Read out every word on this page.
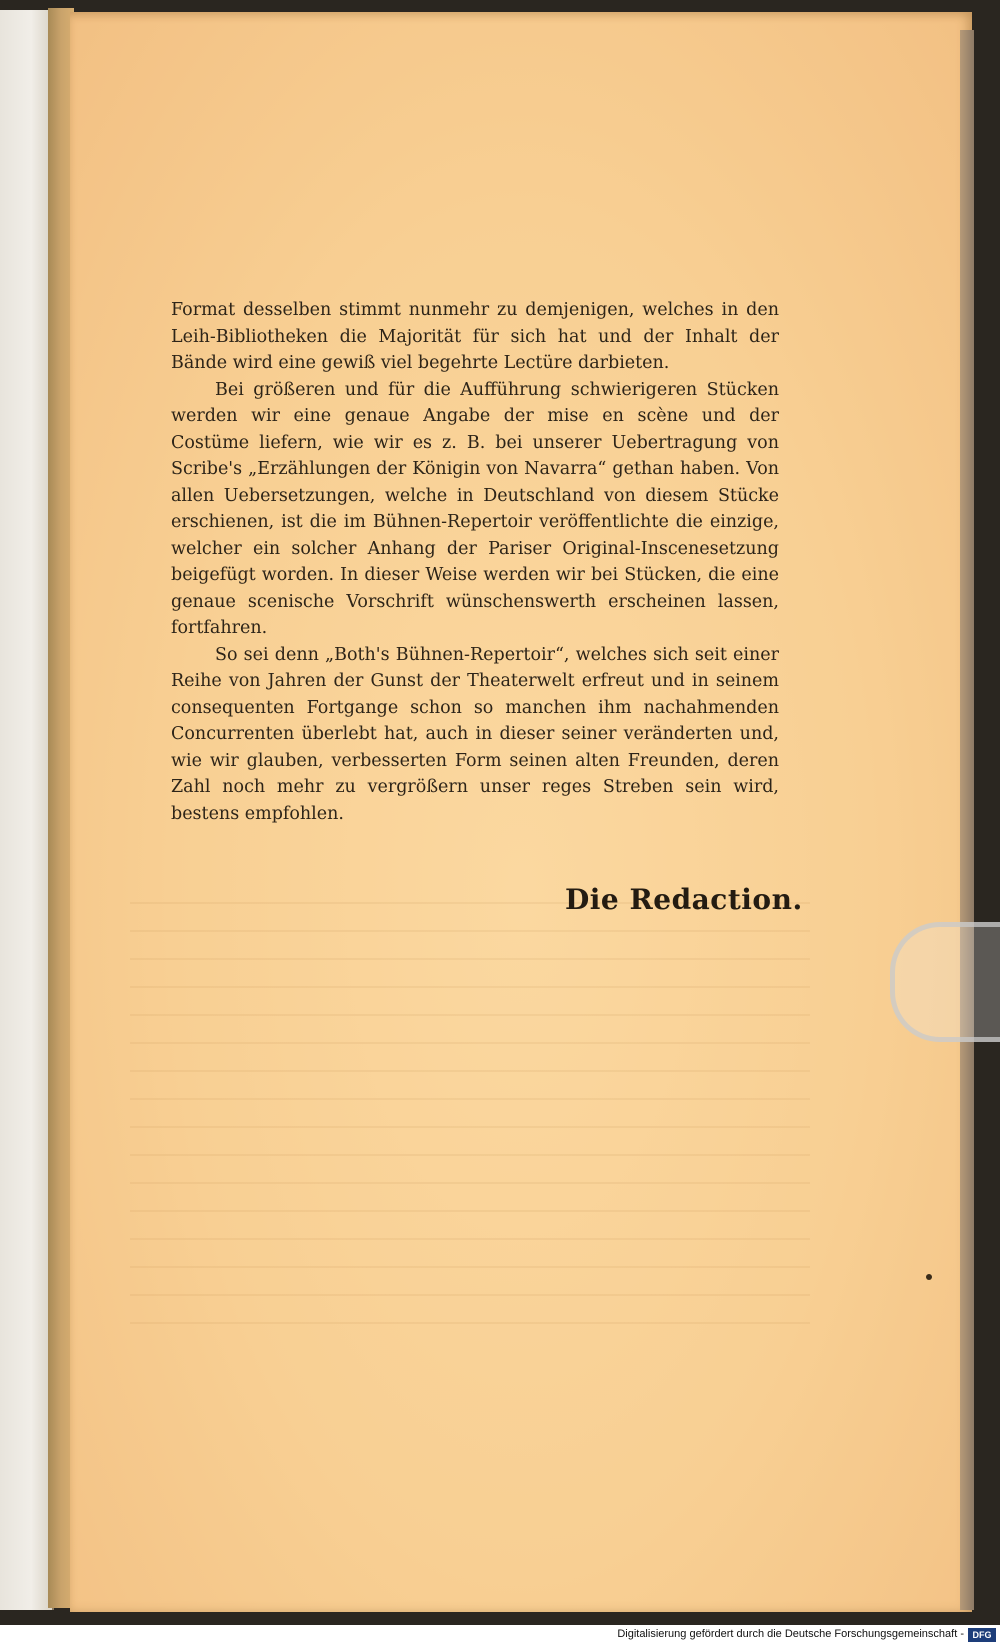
Format desselben stimmt nunmehr zu demjenigen, welches in den Leih-Bibliotheken die Majorität für sich hat und der Inhalt der Bände wird eine gewiß viel begehrte Lectüre darbieten.

Bei größeren und für die Aufführung schwierigeren Stücken werden wir eine genaue Angabe der mise en scène und der Costüme liefern, wie wir es z. B. bei unserer Uebertragung von Scribe's „Erzählungen der Königin von Navarra“ gethan haben. Von allen Uebersetzungen, welche in Deutschland von diesem Stücke erschienen, ist die im Bühnen-Repertoir veröffentlichte die einzige, welcher ein solcher Anhang der Pariser Original-Inscenesetzung beigefügt worden. In dieser Weise werden wir bei Stücken, die eine genaue scenische Vorschrift wünschenswerth erscheinen lassen, fortfahren.

So sei denn „Both's Bühnen-Repertoir“, welches sich seit einer Reihe von Jahren der Gunst der Theaterwelt erfreut und in seinem consequenten Fortgange schon so manchen ihm nachahmenden Concurrenten überlebt hat, auch in dieser seiner veränderten und, wie wir glauben, verbesserten Form seinen alten Freunden, deren Zahl noch mehr zu vergrößern unser reges Streben sein wird, bestens empfohlen.

Die Redaction.
Digitalisierung gefördert durch die Deutsche Forschungsgemeinschaft - DFG
